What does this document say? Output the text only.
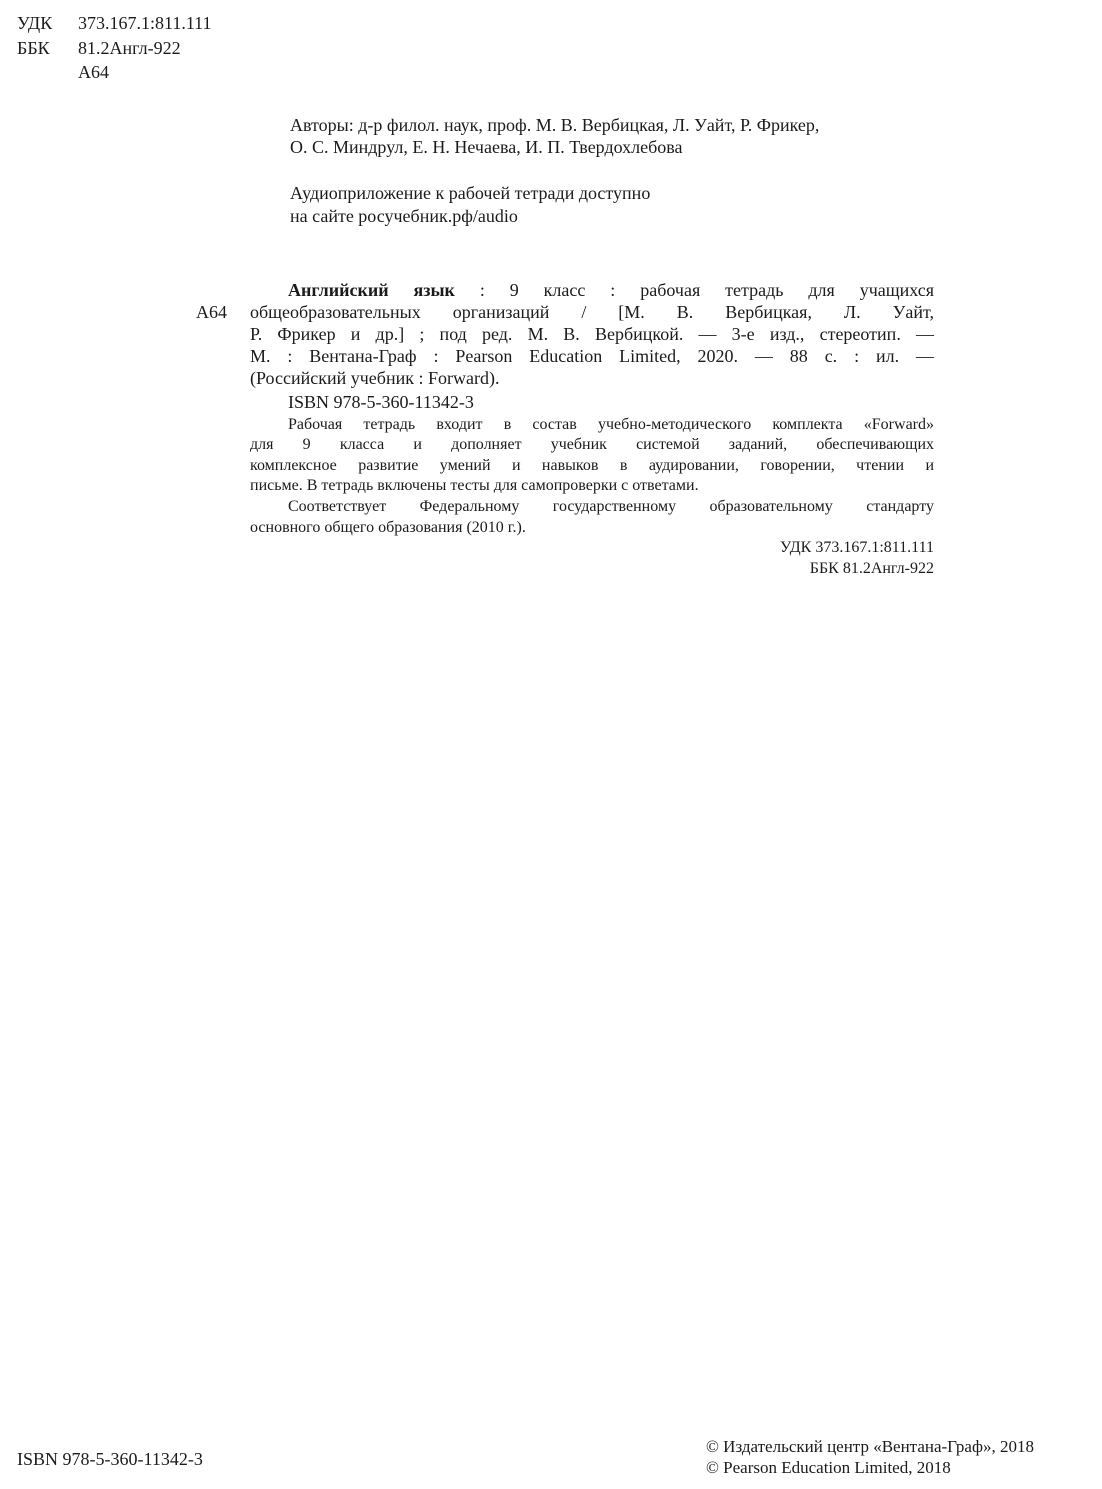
УДК 373.167.1:811.111
ББК 81.2Англ-922
А64
Авторы: д-р филол. наук, проф. М. В. Вербицкая, Л. Уайт, Р. Фрикер,
О. С. Миндрул, Е. Н. Нечаева, И. П. Твердохлебова
Аудиоприложение к рабочей тетради доступно
на сайте росучебник.рф/audio
А64
Английский язык : 9 класс : рабочая тетрадь для учащихся
общеобразовательных организаций / [М. В. Вербицкая, Л. Уайт,
Р. Фрикер и др.] ; под ред. М. В. Вербицкой. — 3-е изд., стереотип. —
М. : Вентана-Граф : Pearson Education Limited, 2020. — 88 с. : ил. —
(Российский учебник : Forward).
ISBN 978-5-360-11342-3
Рабочая тетрадь входит в состав учебно-методического комплекта «Forward»
для 9 класса и дополняет учебник системой заданий, обеспечивающих
комплексное развитие умений и навыков в аудировании, говорении, чтении и
письме. В тетрадь включены тесты для самопроверки с ответами.
Соответствует Федеральному государственному образовательному стандарту
основного общего образования (2010 г.).
УДК 373.167.1:811.111
ББК 81.2Англ-922
ISBN 978-5-360-11342-3
© Издательский центр «Вентана-Граф», 2018
© Pearson Education Limited, 2018
